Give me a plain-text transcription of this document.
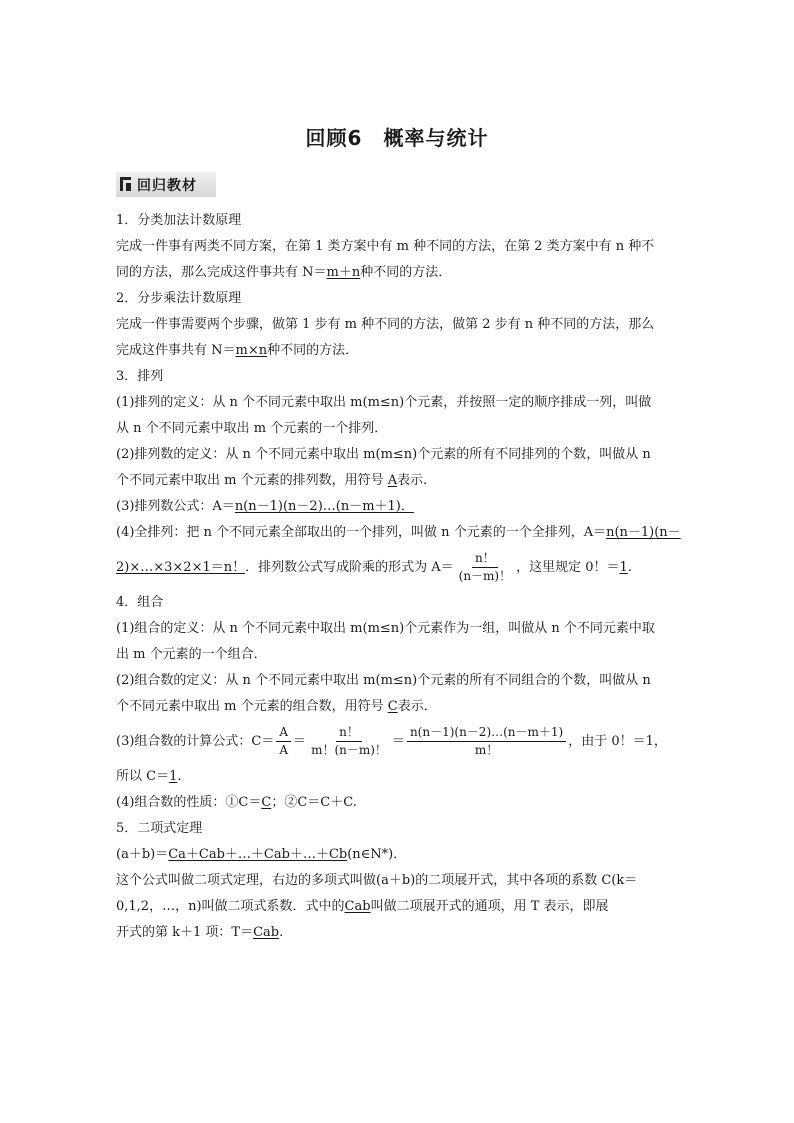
回顾6　概率与统计
回归教材
1．分类加法计数原理
完成一件事有两类不同方案，在第 1 类方案中有 m 种不同的方法，在第 2 类方案中有 n 种不
同的方法，那么完成这件事共有 N＝m＋n种不同的方法．
2．分步乘法计数原理
完成一件事需要两个步骤，做第 1 步有 m 种不同的方法，做第 2 步有 n 种不同的方法，那么
完成这件事共有 N＝m×n种不同的方法．
3．排列
(1)排列的定义：从 n 个不同元素中取出 m(m≤n)个元素，并按照一定的顺序排成一列，叫做
从 n 个不同元素中取出 m 个元素的一个排列．
(2)排列数的定义：从 n 个不同元素中取出 m(m≤n)个元素的所有不同排列的个数，叫做从 n
个不同元素中取出 m 个元素的排列数，用符号 A表示．
(3)排列数公式：A＝n(n－1)(n－2)…(n－m＋1)．
(4)全排列：把 n 个不同元素全部取出的一个排列，叫做 n 个元素的一个全排列，A＝n(n－1)(n－
2)×…×3×2×1＝n！．排列数公式写成阶乘的形式为 $A= \frac{n!}{(n-m)!}$ ，这里规定 0！＝1.
4．组合
(1)组合的定义：从 n 个不同元素中取出 m(m≤n)个元素作为一组，叫做从 n 个不同元素中取
出 m 个元素的一个组合．
(2)组合数的定义：从 n 个不同元素中取出 m(m≤n)个元素的所有不同组合的个数，叫做从 n
个不同元素中取出 m 个元素的组合数，用符号 C表示．
(3)组合数的计算公式：$C= \frac{A}{A} = \frac{n!}{m!(n-m)!} = \frac{n(n-1)(n-2)\dots(n-m+1)}{m!}$ ，由于 0！＝1，
所以 C＝1.
(4)组合数的性质：①C＝C；②C＝C＋C.
5．二项式定理
(a＋b)＝Ca＋Cab＋…＋Cab＋…＋Cb(n∈N*)．
这个公式叫做二项式定理，右边的多项式叫做(a＋b)的二项展开式，其中各项的系数 C(k＝
0,1,2，…，n)叫做二项式系数．式中的Cab叫做二项展开式的通项，用 T 表示，即展
开式的第 k＋1 项：T＝Cab.
